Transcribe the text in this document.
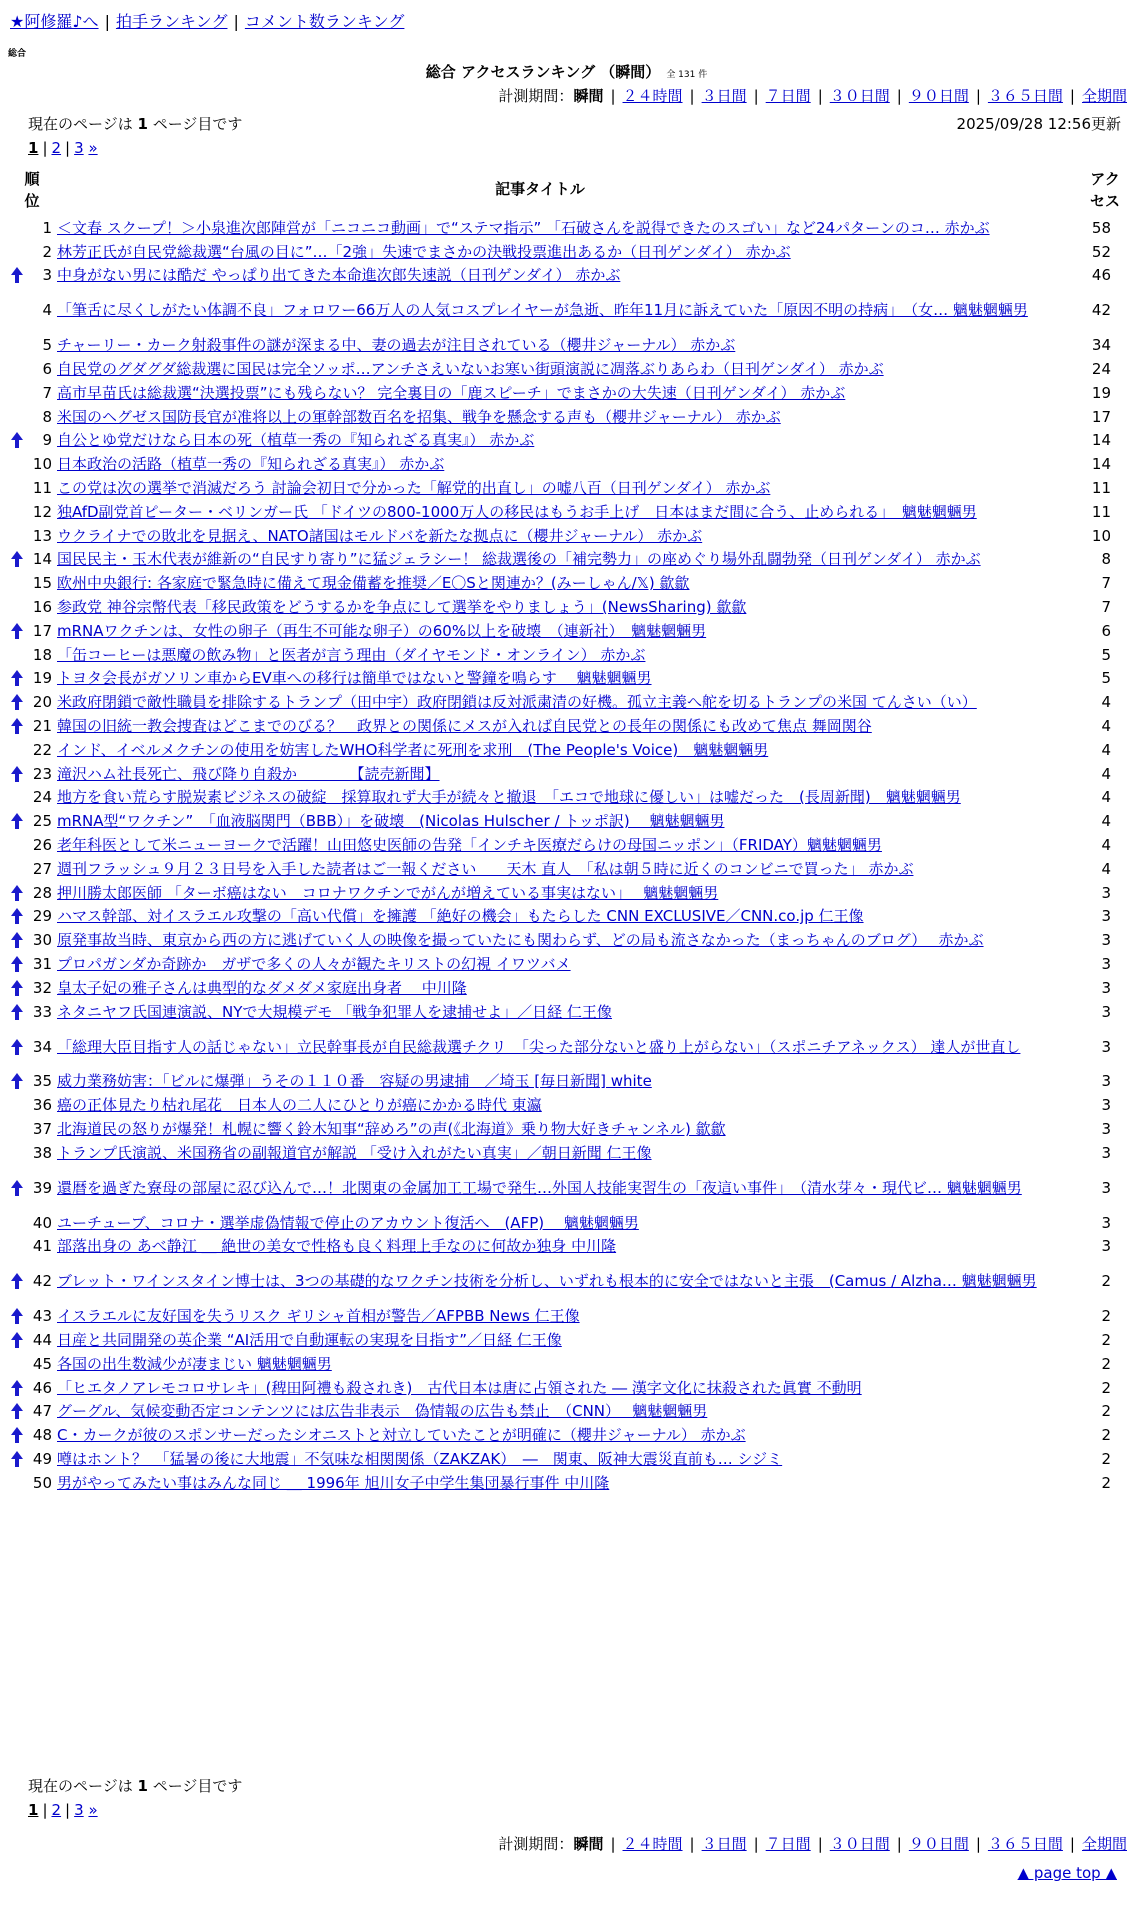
★阿修羅♪へ | 拍手ランキング | コメント数ランキング
総合
総合 アクセスランキング （瞬間） 全 131 件
計測期間：瞬間 | ２４時間 | ３日間 | ７日間 | ３０日間 | ９０日間 | ３６５日間 | 全期間
現在のページは 1 ページ目です	2025/09/28 12:56更新
1 | 2 | 3 »
順位
記事タイトル
アクセス
1 ＜文春 スクープ！＞小泉進次郎陣営が「ニコニコ動画」で“ステマ指示” 「石破さんを説得できたのスゴい」など24パターンのコ… 赤かぶ	58
2 林芳正氏が自民党総裁選“台風の目に”…「2強」失速でまさかの決戦投票進出あるか（日刊ゲンダイ） 赤かぶ	52
3 中身がない男には酷だ やっぱり出てきた本命進次郎失速説（日刊ゲンダイ） 赤かぶ	46
4 「筆舌に尽くしがたい体調不良」フォロワー66万人の人気コスプレイヤーが急逝、昨年11月に訴えていた「原因不明の持病」　（女… 魑魅魍魎男	42
5 チャーリー・カーク射殺事件の謎が深まる中、妻の過去が注目されている（櫻井ジャーナル） 赤かぶ	34
6 自民党のグダグダ総裁選に国民は完全ソッポ…アンチさえいないお寒い街頭演説に凋落ぶりあらわ（日刊ゲンダイ） 赤かぶ	24
7 高市早苗氏は総裁選“決選投票”にも残らない？ 完全裏目の「鹿スピーチ」でまさかの大失速（日刊ゲンダイ） 赤かぶ	19
8 米国のヘグゼス国防長官が准将以上の軍幹部数百名を招集、戦争を懸念する声も（櫻井ジャーナル） 赤かぶ	17
9 自公とゆ党だけなら日本の死（植草一秀の『知られざる真実』） 赤かぶ	14
10 日本政治の活路（植草一秀の『知られざる真実』） 赤かぶ	14
11 この党は次の選挙で消滅だろう 討論会初日で分かった「解党的出直し」の嘘八百（日刊ゲンダイ） 赤かぶ	11
12 独AfD副党首ピーター・ベリンガー氏 「ドイツの800-1000万人の移民はもうお手上げ　日本はまだ間に合う、止められる」　魑魅魍魎男	11
13 ウクライナでの敗北を見据え、NATO諸国はモルドバを新たな拠点に（櫻井ジャーナル） 赤かぶ	10
14 国民民主・玉木代表が維新の“自民すり寄り”に猛ジェラシー！ 総裁選後の「補完勢力」の座めぐり場外乱闘勃発（日刊ゲンダイ） 赤かぶ	8
15 欧州中央銀行: 各家庭で緊急時に備えて現金備蓄を推奨／E〇Sと関連か？(みーしゃん/𝕏) 歙歙	7
16 参政党 神谷宗幣代表「移民政策をどうするかを争点にして選挙をやりましょう」(NewsSharing) 歙歙	7
17 mRNAワクチンは、女性の卵子（再生不可能な卵子）の60%以上を破壊　（連新社）　魑魅魍魎男	6
18 「缶コーヒーは悪魔の飲み物」と医者が言う理由（ダイヤモンド・オンライン） 赤かぶ	5
19 トヨタ会長がガソリン車からEV車への移行は簡単ではないと警鐘を鳴らす　 魑魅魍魎男	5
20 米政府閉鎖で敵性職員を排除するトランプ（田中宇）政府閉鎖は反対派粛清の好機。孤立主義へ舵を切るトランプの米国 てんさい（い）	4
21 韓国の旧統一教会捜査はどこまでのびる？　政界との関係にメスが入れば自民党との長年の関係にも改めて焦点 舞岡関谷	4
22 インド、イベルメクチンの使用を妨害したWHO科学者に死刑を求刑　(The People's Voice)　魑魅魍魎男	4
23 滝沢ハム社長死亡、飛び降り自殺か　　　　【読売新聞】	4
24 地方を食い荒らす脱炭素ビジネスの破綻　採算取れず大手が続々と撤退　「エコで地球に優しい」は嘘だった　(長周新聞)　魑魅魍魎男	4
25 mRNA型“ワクチン”　「血液脳関門（BBB）」を破壊　(Nicolas Hulscher / トッポ訳)　 魑魅魍魎男	4
26 老年科医として米ニューヨークで活躍！山田悠史医師の告発「インチキ医療だらけの母国ニッポン」（FRIDAY）魑魅魍魎男	4
27 週刊フラッシュ９月２３日号を入手した読者はご一報ください　　天木 直人　「私は朝５時に近くのコンビニで買った」 赤かぶ	4
28 押川勝太郎医師 「ターボ癌はない　コロナワクチンでがんが増えている事実はない」　 魑魅魍魎男	3
29 ハマス幹部、対イスラエル攻撃の「高い代償」を擁護 「絶好の機会」もたらした CNN EXCLUSIVE／CNN.co.jp 仁王像	3
30 原発事故当時、東京から西の方に逃げていく人の映像を撮っていたにも関わらず、どの局も流さなかった（まっちゃんのブログ）　 赤かぶ	3
31 プロパガンダか奇跡か　ガザで多くの人々が観たキリストの幻視 イワツバメ	3
32 皇太子妃の雅子さんは典型的なダメダメ家庭出身者　 中川隆	3
33 ネタニヤフ氏国連演説、NYで大規模デモ 「戦争犯罪人を逮捕せよ」／日経 仁王像	3
34 「総理大臣目指す人の話じゃない」立民幹事長が自民総裁選チクリ　「尖った部分ないと盛り上がらない」（スポニチアネックス） 達人が世直し	3
35 威力業務妨害：「ビルに爆弾」うその１１０番　容疑の男逮捕　／埼玉 [毎日新聞] white	3
36 癌の正体見たり枯れ尾花　日本人の二人にひとりが癌にかかる時代 東瀛	3
37 北海道民の怒りが爆発！札幌に響く鈴木知事“辞めろ”の声(《北海道》乗り物大好きチャンネル) 歙歙	3
38 トランプ氏演説、米国務省の副報道官が解説 「受け入れがたい真実」／朝日新聞 仁王像	3
39 還暦を過ぎた寮母の部屋に忍び込んで…！北関東の金属加工工場で発生…外国人技能実習生の「夜這い事件」　（清水芽々・現代ビ… 魑魅魍魎男	3
40 ユーチューブ、コロナ・選挙虚偽情報で停止のアカウント復活へ　(AFP)　 魑魅魍魎男	3
41 部落出身の あべ静江 ＿ 絶世の美女で性格も良く料理上手なのに何故か独身 中川隆	3
42 ブレット・ワインスタイン博士は、3つの基礎的なワクチン技術を分析し、いずれも根本的に安全ではないと主張　(Camus / Alzha… 魑魅魍魎男	2
43 イスラエルに友好国を失うリスク ギリシャ首相が警告／AFPBB News 仁王像	2
44 日産と共同開発の英企業 “AI活用で自動運転の実現を目指す”／日経 仁王像	2
45 各国の出生数減少が凄まじい 魑魅魍魎男	2
46 「ヒエタノアレモコロサレキ」(稗田阿禮も殺されき)　古代日本は唐に占領された ― 漢字文化に抹殺された眞實 不動明	2
47 グーグル、気候変動否定コンテンツには広告非表示　偽情報の広告も禁止　（CNN）　 魑魅魍魎男	2
48 C・カークが彼のスポンサーだったシオニストと対立していたことが明確に（櫻井ジャーナル） 赤かぶ	2
49 噂はホント？　「猛暑の後に大地震」不気味な相関関係（ZAKZAK）　―　関東、阪神大震災直前も… シジミ	2
50 男がやってみたい事はみんな同じ ＿ 1996年 旭川女子中学生集団暴行事件 中川隆	2
現在のページは 1 ページ目です
1 | 2 | 3 »
計測期間：瞬間 | ２４時間 | ３日間 | ７日間 | ３０日間 | ９０日間 | ３６５日間 | 全期間
▲ page top ▲
